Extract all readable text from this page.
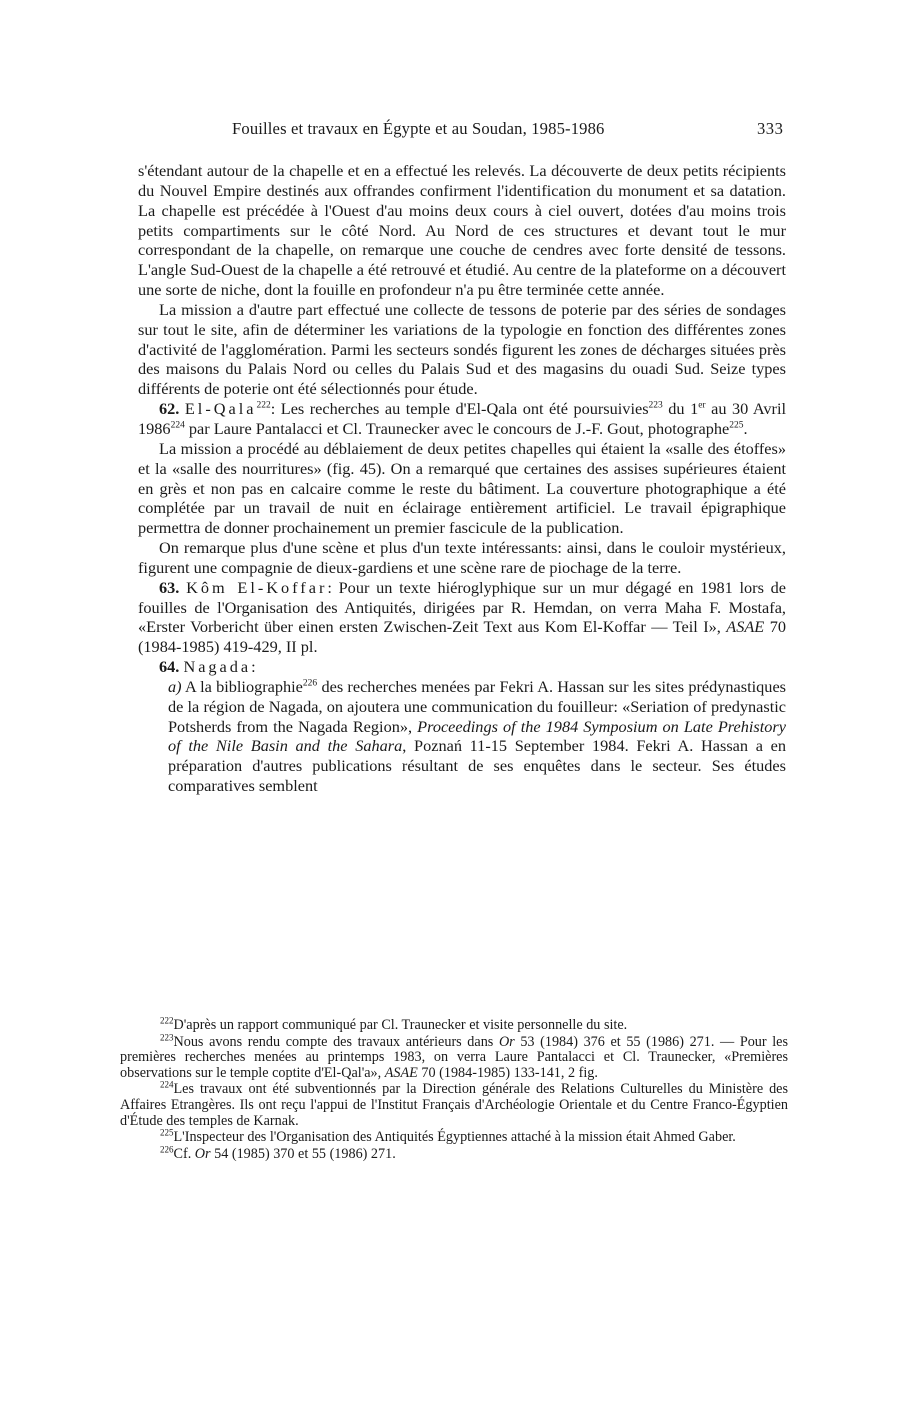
Fouilles et travaux en Égypte et au Soudan, 1985-1986	333

s'étendant autour de la chapelle et en a effectué les relevés. La découverte de deux petits récipients du Nouvel Empire destinés aux offrandes confirment l'identification du monument et sa datation. La chapelle est précédée à l'Ouest d'au moins deux cours à ciel ouvert, dotées d'au moins trois petits compartiments sur le côté Nord. Au Nord de ces structures et devant tout le mur correspondant de la chapelle, on remarque une couche de cendres avec forte densité de tessons. L'angle Sud-Ouest de la chapelle a été retrouvé et étudié. Au centre de la plateforme on a découvert une sorte de niche, dont la fouille en profondeur n'a pu être terminée cette année.

La mission a d'autre part effectué une collecte de tessons de poterie par des séries de sondages sur tout le site, afin de déterminer les variations de la typologie en fonction des différentes zones d'activité de l'agglomération. Parmi les secteurs sondés figurent les zones de décharges situées près des maisons du Palais Nord ou celles du Palais Sud et des magasins du ouadi Sud. Seize types différents de poterie ont été sélectionnés pour étude.

62. El-Qala$^{222}$: Les recherches au temple d'El-Qala ont été poursuivies$^{223}$ du 1er au 30 Avril 1986$^{224}$ par Laure Pantalacci et Cl. Traunecker avec le concours de J.-F. Gout, photographe$^{225}$.

La mission a procédé au déblaiement de deux petites chapelles qui étaient la «salle des étoffes» et la «salle des nourritures» (fig. 45). On a remarqué que certaines des assises supérieures étaient en grès et non pas en calcaire comme le reste du bâtiment. La couverture photographique a été complétée par un travail de nuit en éclairage entièrement artificiel. Le travail épigraphique permettra de donner prochainement un premier fascicule de la publication.

On remarque plus d'une scène et plus d'un texte intéressants: ainsi, dans le couloir mystérieux, figurent une compagnie de dieux-gardiens et une scène rare de piochage de la terre.

63. Kôm El-Koffar: Pour un texte hiéroglyphique sur un mur dégagé en 1981 lors de fouilles de l'Organisation des Antiquités, dirigées par R. Hemdan, on verra Maha F. Mostafa, «Erster Vorbericht über einen ersten Zwischen-Zeit Text aus Kom El-Koffar — Teil I», ASAE 70 (1984-1985) 419-429, II pl.

64. Nagada:

a) A la bibliographie$^{226}$ des recherches menées par Fekri A. Hassan sur les sites prédynastiques de la région de Nagada, on ajoutera une communication du fouilleur: «Seriation of predynastic Potsherds from the Nagada Region», Proceedings of the 1984 Symposium on Late Prehistory of the Nile Basin and the Sahara, Poznań 11-15 September 1984. Fekri A. Hassan a en préparation d'autres publications résultant de ses enquêtes dans le secteur. Ses études comparatives semblent

$^{222}$D'après un rapport communiqué par Cl. Traunecker et visite personnelle du site.

$^{223}$Nous avons rendu compte des travaux antérieurs dans Or 53 (1984) 376 et 55 (1986) 271. — Pour les premières recherches menées au printemps 1983, on verra Laure Pantalacci et Cl. Traunecker, «Premières observations sur le temple coptite d'El-Qal'a», ASAE 70 (1984-1985) 133-141, 2 fig.

$^{224}$Les travaux ont été subventionnés par la Direction générale des Relations Culturelles du Ministère des Affaires Etrangères. Ils ont reçu l'appui de l'Institut Français d'Archéologie Orientale et du Centre Franco-Égyptien d'Étude des temples de Karnak.

$^{225}$L'Inspecteur des l'Organisation des Antiquités Égyptiennes attaché à la mission était Ahmed Gaber.

$^{226}$Cf. Or 54 (1985) 370 et 55 (1986) 271.
